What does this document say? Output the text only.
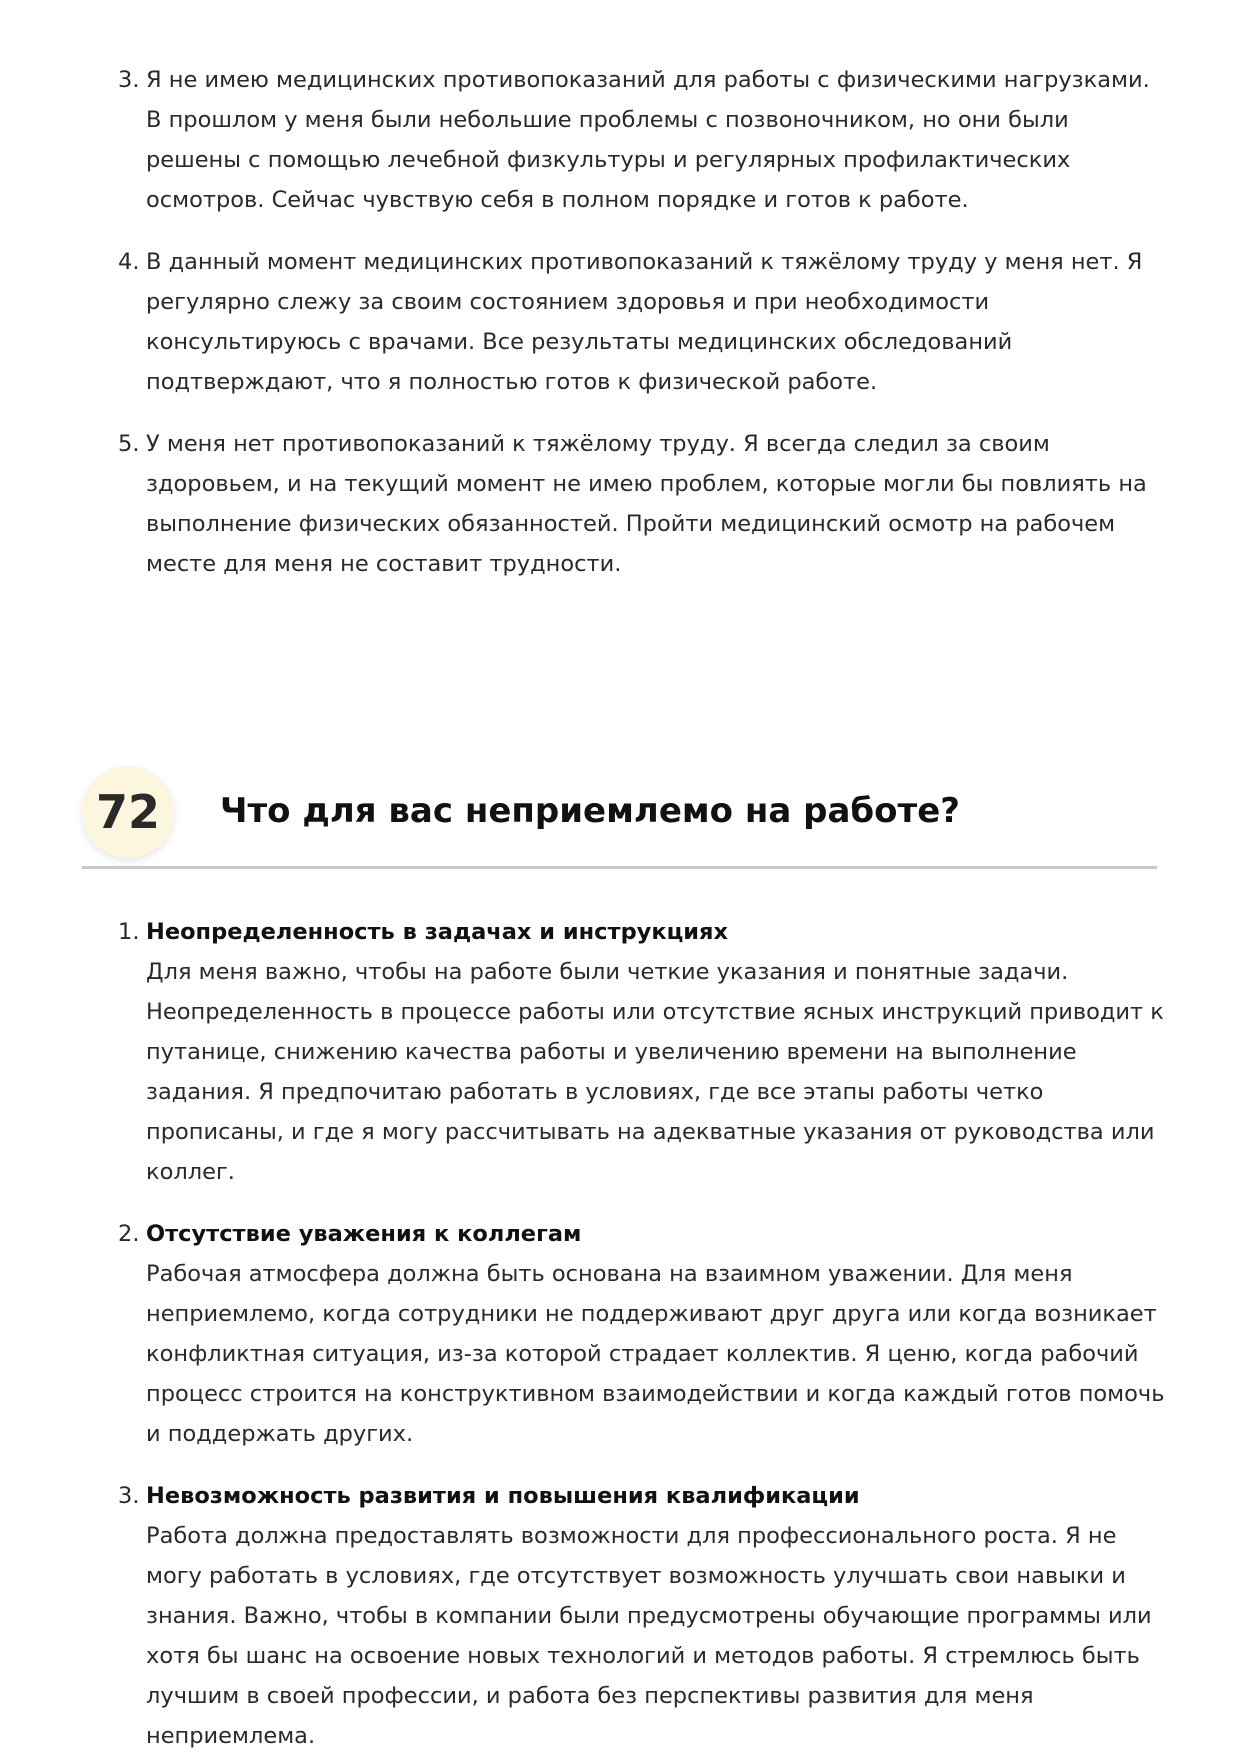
3. Я не имею медицинских противопоказаний для работы с физическими нагрузками. В прошлом у меня были небольшие проблемы с позвоночником, но они были решены с помощью лечебной физкультуры и регулярных профилактических осмотров. Сейчас чувствую себя в полном порядке и готов к работе.
4. В данный момент медицинских противопоказаний к тяжёлому труду у меня нет. Я регулярно слежу за своим состоянием здоровья и при необходимости консультируюсь с врачами. Все результаты медицинских обследований подтверждают, что я полностью готов к физической работе.
5. У меня нет противопоказаний к тяжёлому труду. Я всегда следил за своим здоровьем, и на текущий момент не имею проблем, которые могли бы повлиять на выполнение физических обязанностей. Пройти медицинский осмотр на рабочем месте для меня не составит трудности.
72	Что для вас неприемлемо на работе?
1. Неопределенность в задачах и инструкциях
Для меня важно, чтобы на работе были четкие указания и понятные задачи. Неопределенность в процессе работы или отсутствие ясных инструкций приводит к путанице, снижению качества работы и увеличению времени на выполнение задания. Я предпочитаю работать в условиях, где все этапы работы четко прописаны, и где я могу рассчитывать на адекватные указания от руководства или коллег.
2. Отсутствие уважения к коллегам
Рабочая атмосфера должна быть основана на взаимном уважении. Для меня неприемлемо, когда сотрудники не поддерживают друг друга или когда возникает конфликтная ситуация, из-за которой страдает коллектив. Я ценю, когда рабочий процесс строится на конструктивном взаимодействии и когда каждый готов помочь и поддержать других.
3. Невозможность развития и повышения квалификации
Работа должна предоставлять возможности для профессионального роста. Я не могу работать в условиях, где отсутствует возможность улучшать свои навыки и знания. Важно, чтобы в компании были предусмотрены обучающие программы или хотя бы шанс на освоение новых технологий и методов работы. Я стремлюсь быть лучшим в своей профессии, и работа без перспективы развития для меня неприемлема.
